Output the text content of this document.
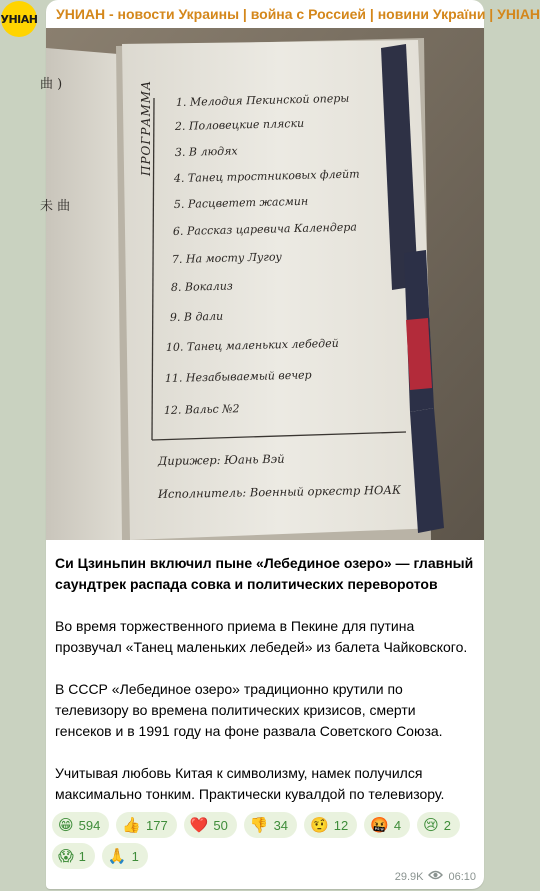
УНІАН УНИАН - новости Украины | война с Россией | новини України | УНІАН
曲 )
未 曲
ПРОГРАММА 1. Мелодия Пекинской оперы
2. Половецкие пляски
3. В людях
4. Танец тростниковых флейт
5. Расцветет жасмин
6. Рассказ царевича Календера
7. На мосту Лугоу
8. Вокализ
9. В дали
10. Танец маленьких лебедей
11. Незабываемый вечер
12. Вальс №2
Дирижер: Юань Вэй
Исполнитель: Военный оркестр НОАК

Си Цзиньпин включил пыне «Лебединое озеро» — главный саундтрек распада совка и политических переворотов

Во время торжественного приема в Пекине для путина прозвучал «Танец маленьких лебедей» из балета Чайковского.

В СССР «Лебединое озеро» традиционно крутили по телевизору во времена политических кризисов, смерти генсеков и в 1991 году на фоне развала Советского Союза.

Учитывая любовь Китая к символизму, намек получился максимально тонким. Практически кувалдой по телевизору.

😁 594 👍 177 ❤️ 50 👎 34 🤨 12 🤬 4 😢 2
😱 1 🙏 1
29.9K 06:10
